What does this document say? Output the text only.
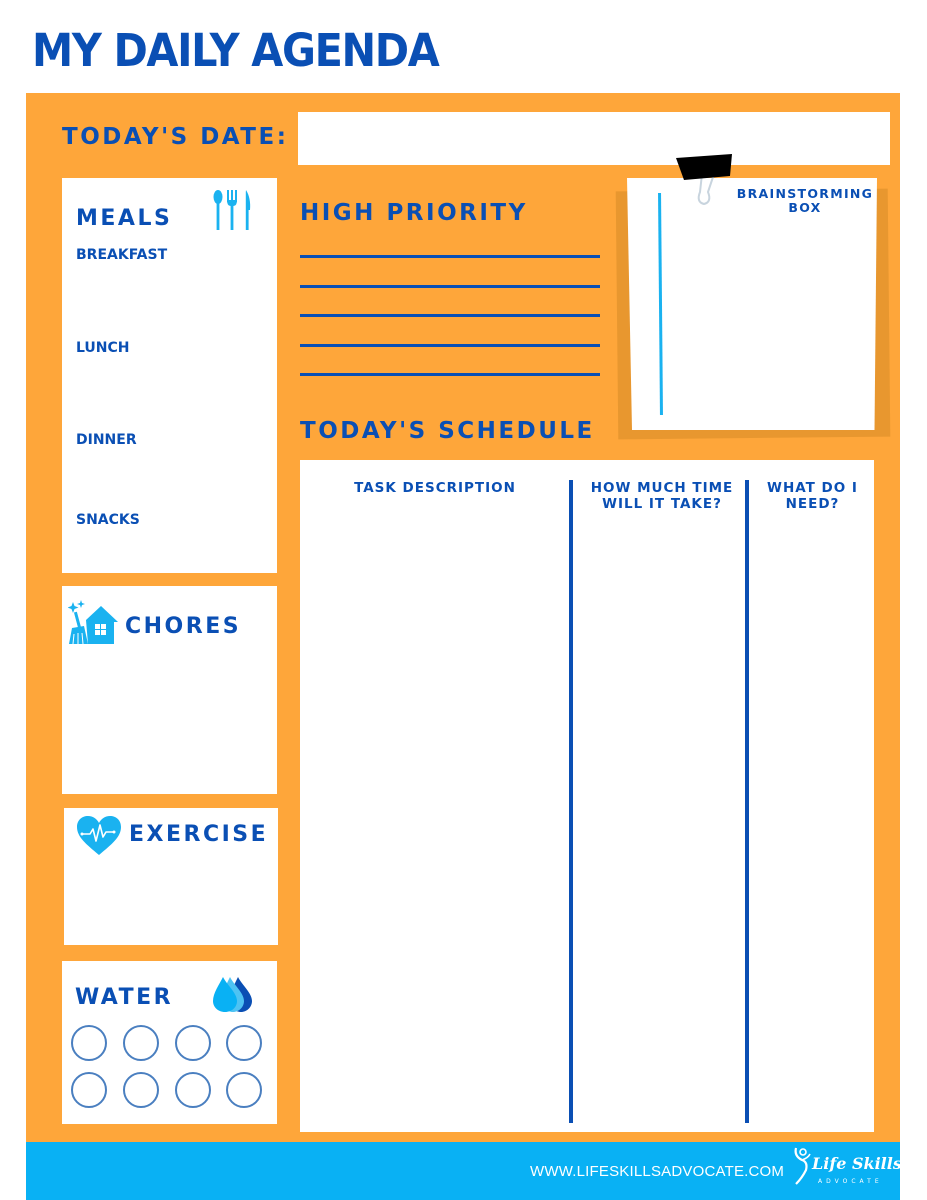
MY DAILY AGENDA
TODAY'S DATE:
MEALS
BREAKFAST
LUNCH
DINNER
SNACKS
CHORES
EXERCISE
WATER
HIGH PRIORITY
BRAINSTORMING BOX
TODAY'S SCHEDULE
TASK DESCRIPTION	HOW MUCH TIME WILL IT TAKE?
WHAT DO I NEED?
WWW.LIFESKILLSADVOCATE.COM Life Skills
ADVOCATE
